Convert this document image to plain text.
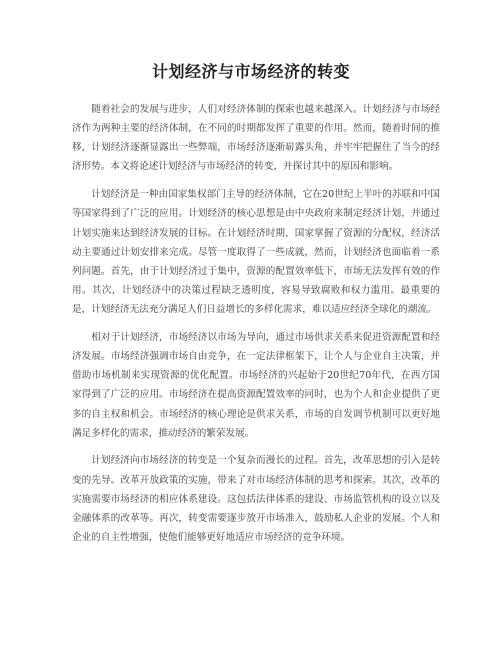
计划经济与市场经济的转变

随着社会的发展与进步，人们对经济体制的探索也越来越深入。计划经济与市场经济作为两种主要的经济体制，在不同的时期都发挥了重要的作用。然而，随着时间的推移，计划经济逐渐显露出一些弊端，市场经济逐渐崭露头角，并牢牢把握住了当今的经济形势。本文将论述计划经济与市场经济的转变，并探讨其中的原因和影响。

计划经济是一种由国家集权部门主导的经济体制，它在20世纪上半叶的苏联和中国等国家得到了广泛的应用。计划经济的核心思想是由中央政府来制定经济计划，并通过计划实施来达到经济发展的目标。在计划经济时期，国家掌握了资源的分配权，经济活动主要通过计划安排来完成。尽管一度取得了一些成就，然而，计划经济也面临着一系列问题。首先，由于计划经济过于集中，资源的配置效率低下，市场无法发挥有效的作用。其次，计划经济中的决策过程缺乏透明度，容易导致腐败和权力滥用。最重要的是，计划经济无法充分满足人们日益增长的多样化需求，难以适应经济全球化的潮流。

相对于计划经济，市场经济以市场为导向，通过市场供求关系来促进资源配置和经济发展。市场经济强调市场自由竞争，在一定法律框架下，让个人与企业自主决策，并借助市场机制来实现资源的优化配置。市场经济的兴起始于20世纪70年代，在西方国家得到了广泛的应用。市场经济在提高资源配置效率的同时，也为个人和企业提供了更多的自主权和机会。市场经济的核心理论是供求关系，市场的自发调节机制可以更好地满足多样化的需求，推动经济的繁荣发展。

计划经济向市场经济的转变是一个复杂而漫长的过程。首先，改革思想的引入是转变的先导。改革开放政策的实施，带来了对市场经济体制的思考和探索。其次，改革的实施需要市场经济的相应体系建设。这包括法律体系的建设、市场监管机构的设立以及金融体系的改革等。再次，转变需要逐步放开市场准入，鼓励私人企业的发展。个人和企业的自主性增强，使他们能够更好地适应市场经济的竞争环境。
